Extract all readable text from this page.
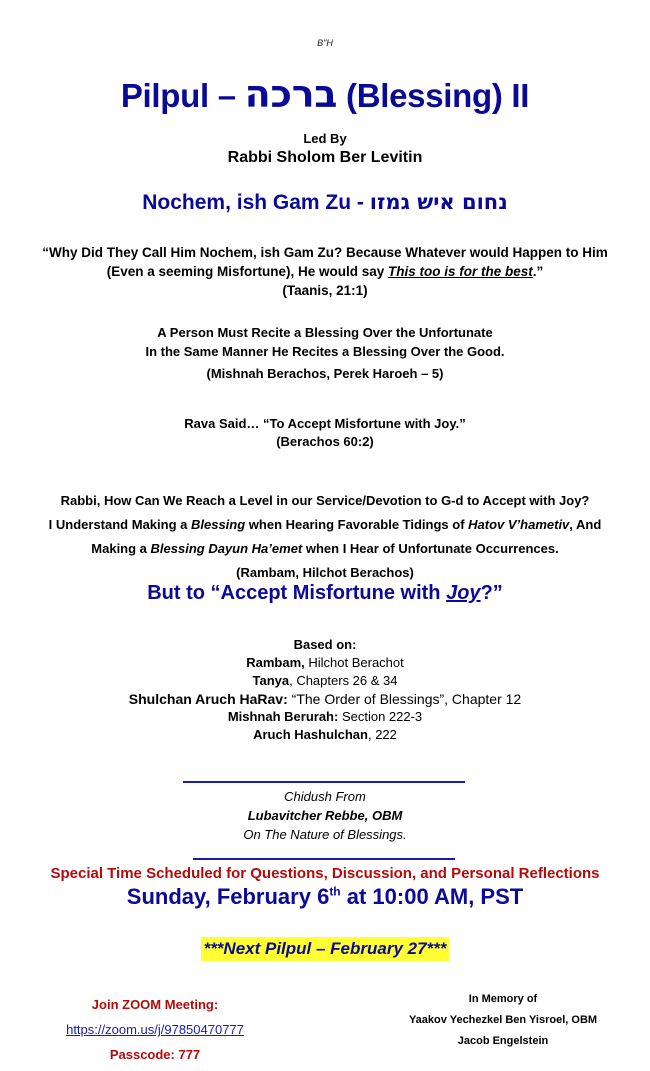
B"H
Pilpul – ברכה (Blessing) II
Led By
Rabbi Sholom Ber Levitin
Nochem, ish Gam Zu - נחום איש גמזו
“Why Did They Call Him Nochem, ish Gam Zu? Because Whatever would Happen to Him
(Even a seeming Misfortune), He would say This too is for the best.”
(Taanis, 21:1)
A Person Must Recite a Blessing Over the Unfortunate
In the Same Manner He Recites a Blessing Over the Good.
(Mishnah Berachos, Perek Haroeh – 5)
Rava Said… “To Accept Misfortune with Joy.”
(Berachos 60:2)
Rabbi, How Can We Reach a Level in our Service/Devotion to G-d to Accept with Joy?
I Understand Making a Blessing when Hearing Favorable Tidings of Hatov V’hametiv, And
Making a Blessing Dayun Ha’emet when I Hear of Unfortunate Occurrences.
(Rambam, Hilchot Berachos)
But to “Accept Misfortune with Joy?”
Based on:
Rambam, Hilchot Berachot
Tanya, Chapters 26 & 34
Shulchan Aruch HaRav: “The Order of Blessings”, Chapter 12
Mishnah Berurah: Section 222-3
Aruch Hashulchan, 222
Chidush From
Lubavitcher Rebbe, OBM
On The Nature of Blessings.
Special Time Scheduled for Questions, Discussion, and Personal Reflections
Sunday, February 6th at 10:00 AM, PST
***Next Pilpul – February 27***
Join ZOOM Meeting:
https://zoom.us/j/97850470777
Passcode: 777
In Memory of
Yaakov Yechezkel Ben Yisroel, OBM
Jacob Engelstein
